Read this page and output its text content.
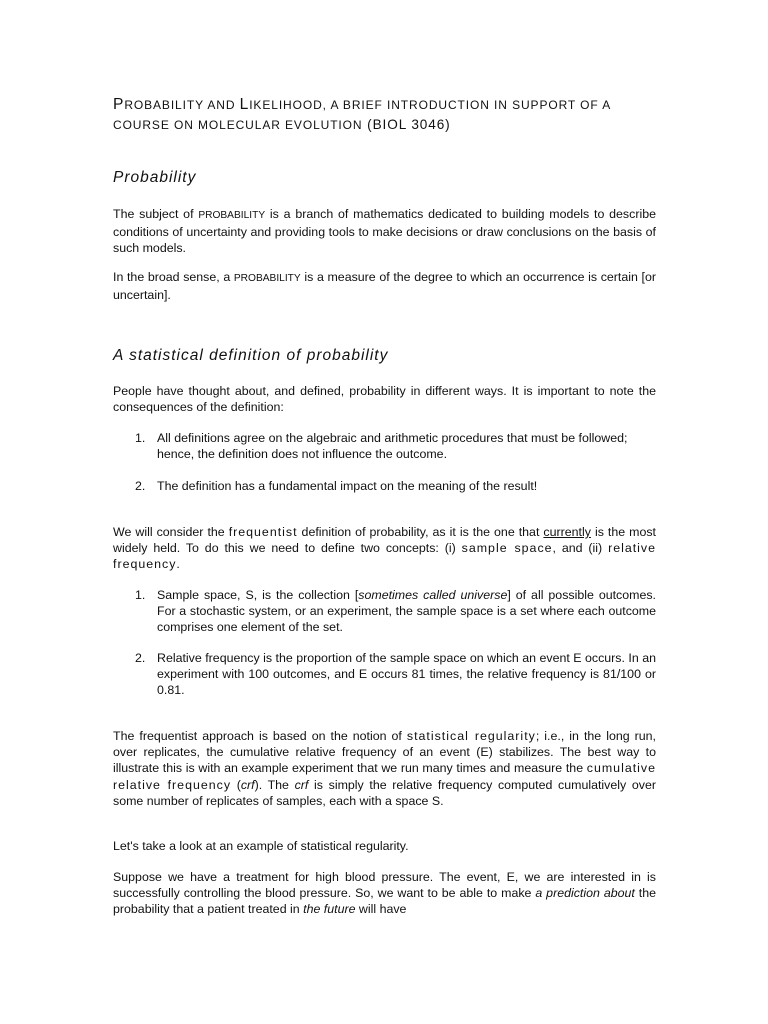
PROBABILITY AND LIKELIHOOD, A BRIEF INTRODUCTION IN SUPPORT OF A
COURSE ON MOLECULAR EVOLUTION (BIOL 3046)
Probability

The subject of PROBABILITY is a branch of mathematics dedicated to building models to describe conditions of uncertainty and providing tools to make decisions or draw conclusions on the basis of such models.

In the broad sense, a PROBABILITY is a measure of the degree to which an occurrence is certain [or uncertain].

A statistical definition of probability

People have thought about, and defined, probability in different ways. It is important to note the consequences of the definition:

1. All definitions agree on the algebraic and arithmetic procedures that must be followed; hence, the definition does not influence the outcome.
2. The definition has a fundamental impact on the meaning of the result!

We will consider the frequentist definition of probability, as it is the one that currently is the most widely held. To do this we need to define two concepts: (i) sample space, and (ii) relative frequency.

1. Sample space, S, is the collection [sometimes called universe] of all possible outcomes. For a stochastic system, or an experiment, the sample space is a set where each outcome comprises one element of the set.
2. Relative frequency is the proportion of the sample space on which an event E occurs. In an experiment with 100 outcomes, and E occurs 81 times, the relative frequency is 81/100 or 0.81.

The frequentist approach is based on the notion of statistical regularity; i.e., in the long run, over replicates, the cumulative relative frequency of an event (E) stabilizes. The best way to illustrate this is with an example experiment that we run many times and measure the cumulative relative frequency (crf). The crf is simply the relative frequency computed cumulatively over some number of replicates of samples, each with a space S.

Let's take a look at an example of statistical regularity.

Suppose we have a treatment for high blood pressure. The event, E, we are interested in is successfully controlling the blood pressure. So, we want to be able to make a prediction about the probability that a patient treated in the future will have
